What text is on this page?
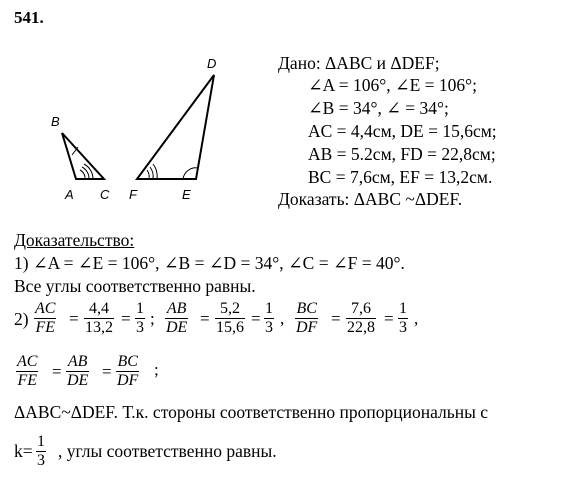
541.
B
A C
D
F	E
Дано: ΔABC и ΔDEF;
∠A = 106°, ∠E = 106°;
∠B = 34°, ∠ = 34°;
AC = 4,4см, DE = 15,6см;
AB = 5.2см, FD = 22,8см;
BC = 7,6см, EF = 13,2см.
Доказать: ΔABC ~ΔDEF.
Доказательство:
1) ∠A = ∠E = 106°, ∠B = ∠D = 34°, ∠C = ∠F = 40°.
Все углы соответственно равны.
$2) \frac{AC}{FE} = \frac{4,4}{13,2} = \frac{1}{3}$ ; $\frac{AB}{DE} = \frac{5,2}{15,6} = \frac{1}{3}$ , $\frac{BC}{DF} = \frac{7,6}{22,8} = \frac{1}{3}$ ,
$\frac{AC}{FE} = \frac{AB}{DE} = \frac{BC}{DF}$ ;
ΔABC~ΔDEF. Т.к. стороны соответственно пропорциональны с
$k= \frac{1}{3}$ , углы соответственно равны.
